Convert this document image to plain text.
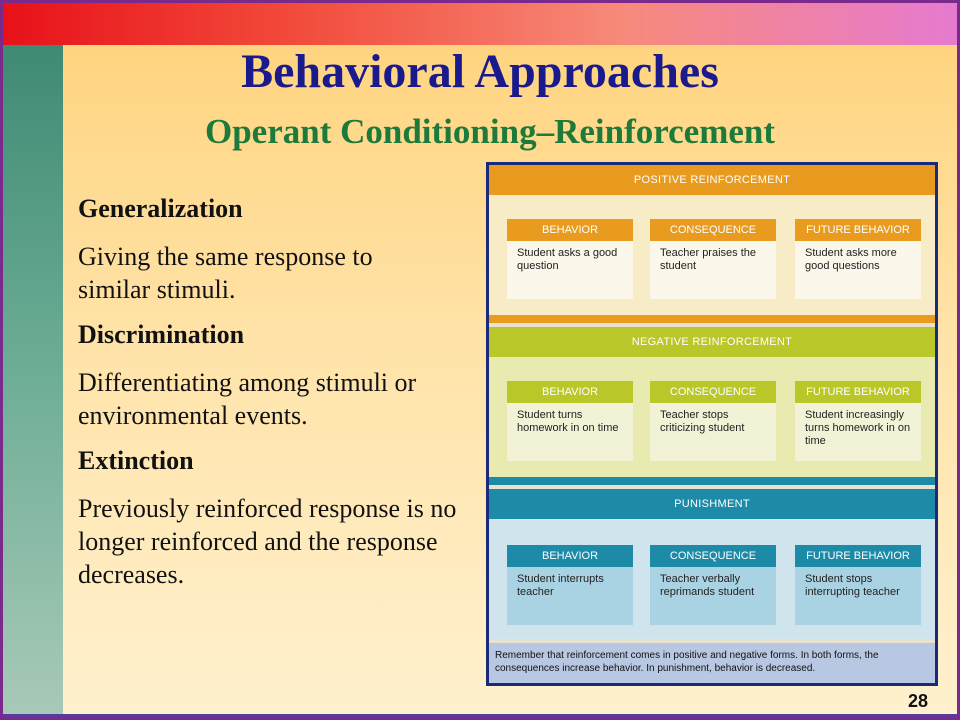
Behavioral Approaches
Operant Conditioning–Reinforcement
Generalization
Giving the same response to similar stimuli.
Discrimination
Differentiating among stimuli or environmental events.
Extinction
Previously reinforced response is no longer reinforced and the response decreases.
POSITIVE REINFORCEMENT
BEHAVIOR
Student asks a good question
CONSEQUENCE
Teacher praises the student
FUTURE BEHAVIOR
Student asks more good questions
NEGATIVE REINFORCEMENT
BEHAVIOR
Student turns homework in on time
CONSEQUENCE
Teacher stops criticizing student
FUTURE BEHAVIOR
Student increasingly turns homework in on time
PUNISHMENT
BEHAVIOR
Student interrupts teacher
CONSEQUENCE
Teacher verbally reprimands student
FUTURE BEHAVIOR
Student stops interrupting teacher
Remember that reinforcement comes in positive and negative forms. In both forms, the consequences increase behavior. In punishment, behavior is decreased.
28
